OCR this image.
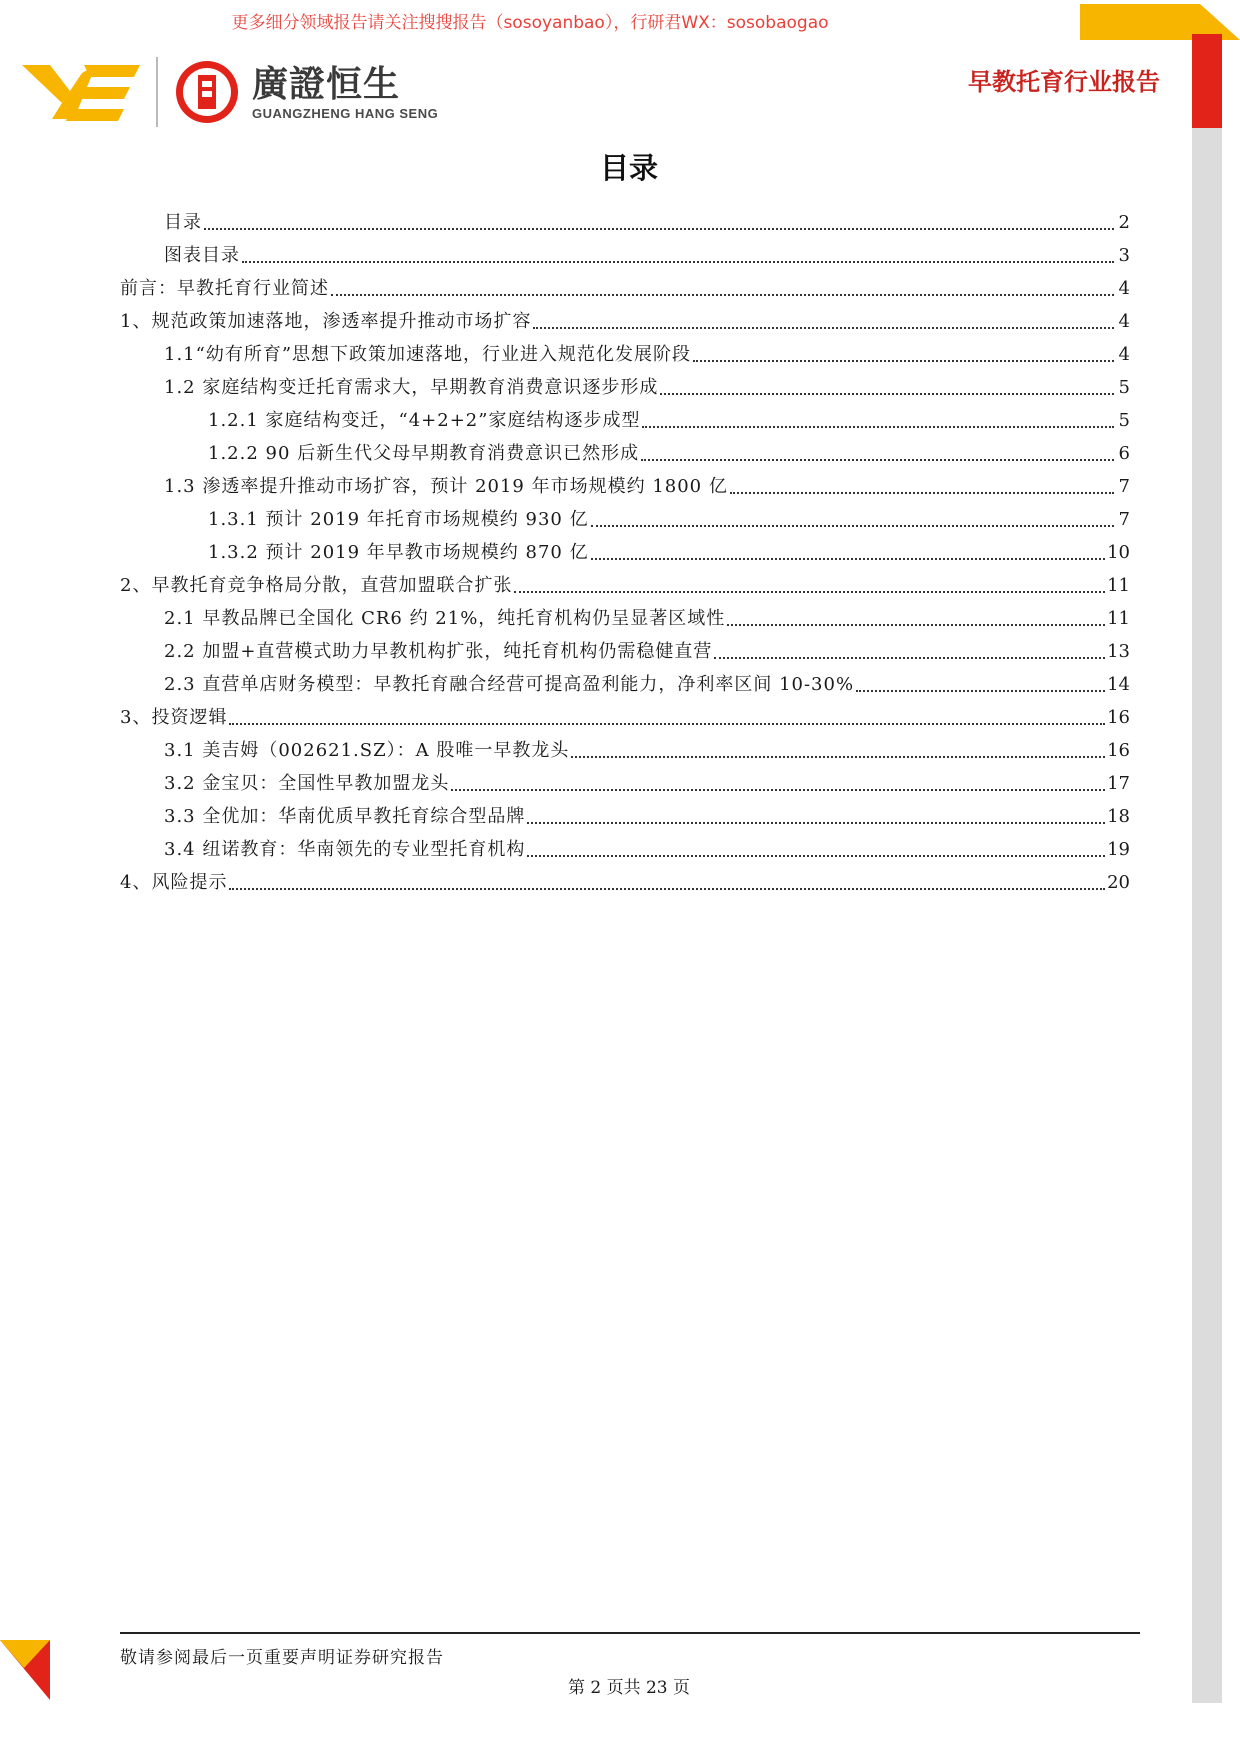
更多细分领域报告请关注搜搜报告（sosoyanbao），行研君WX：sosobaogao
廣證恒生
GUANGZHENG HANG SENG
早教托育行业报告
目录
目录	2
图表目录	3
前言：早教托育行业简述	4
1、规范政策加速落地，渗透率提升推动市场扩容	4
1.1“幼有所育”思想下政策加速落地，行业进入规范化发展阶段	4
1.2 家庭结构变迁托育需求大，早期教育消费意识逐步形成	5
1.2.1 家庭结构变迁，“4+2+2”家庭结构逐步成型	5
1.2.2 90 后新生代父母早期教育消费意识已然形成	6
1.3 渗透率提升推动市场扩容，预计 2019 年市场规模约 1800 亿	7
1.3.1 预计 2019 年托育市场规模约 930 亿	7
1.3.2 预计 2019 年早教市场规模约 870 亿	10
2、早教托育竞争格局分散，直营加盟联合扩张	11
2.1 早教品牌已全国化 CR6 约 21%，纯托育机构仍呈显著区域性	11
2.2 加盟+直营模式助力早教机构扩张，纯托育机构仍需稳健直营	13
2.3 直营单店财务模型：早教托育融合经营可提高盈利能力，净利率区间 10-30%	14
3、投资逻辑	16
3.1 美吉姆（002621.SZ）：A 股唯一早教龙头	16
3.2 金宝贝：全国性早教加盟龙头	17
3.3 全优加：华南优质早教托育综合型品牌	18
3.4 纽诺教育：华南领先的专业型托育机构	19
4、风险提示	20
敬请参阅最后一页重要声明证券研究报告
第 2 页共 23 页
